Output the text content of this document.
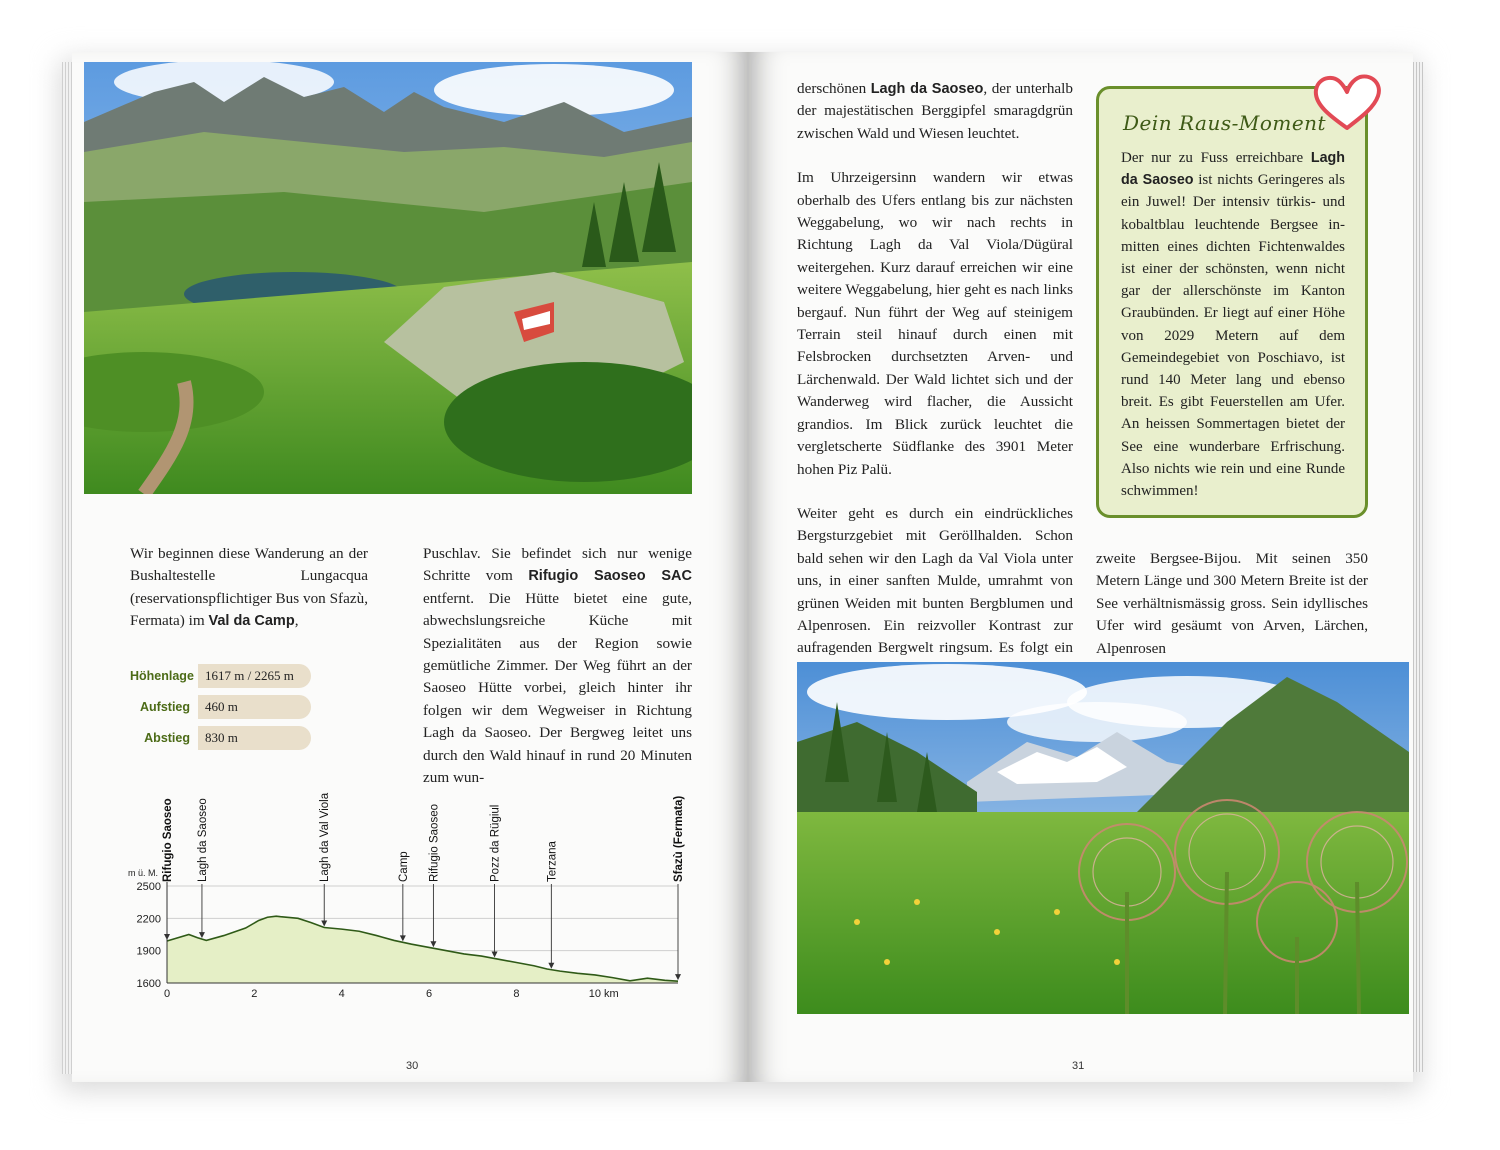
Wir beginnen diese Wanderung an der Bushaltestelle Lungacqua (reservationspflichtiger Bus von Sfazù, Fermata) im Val da Camp,
Puschlav. Sie befindet sich nur wenige Schritte vom Rifugio Saoseo SAC entfernt. Die Hütte bietet eine gute, abwechslungsreiche Küche mit Spezialitäten aus der Region sowie gemütliche Zimmer. Der Weg führt an der Saoseo Hütte vorbei, gleich hinter ihr folgen wir dem Wegweiser in Richtung Lagh da Saoseo. Der Bergweg leitet uns durch den Wald hinauf in rund 20 Minuten zum wun-
Höhenlage 1617 m / 2265 m
Aufstieg	460 m
Abstieg	830 m
2500
2200
1900
1600
m ü. M.
0	2	4	6	8	10 km
Rifugio Saoseo Lagh da Saoseo	Lagh da Val Viola	Camp Rifugio Saoseo	Pozz da Rügiul	Terzana	Sfazù (Fermata)
30

derschönen Lagh da Saoseo, der unterhalb der majestätischen Berggipfel smaragdgrün zwischen Wald und Wiesen leuchtet.

Im Uhrzeigersinn wandern wir etwas oberhalb des Ufers entlang bis zur nächsten Weggabelung, wo wir nach rechts in Richtung Lagh da Val Viola/Dügüral weitergehen. Kurz darauf erreichen wir eine weitere Weggabelung, hier geht es nach links bergauf. Nun führt der Weg auf steinigem Terrain steil hinauf durch einen mit Felsbrocken durchsetzten Arven- und Lärchenwald. Der Wald lichtet sich und der Wanderweg wird flacher, die Aussicht grandios. Im Blick zurück leuchtet die vergletscherte Südflanke des 3901 Meter hohen Piz Palü.

Weiter geht es durch ein eindrückliches Bergsturzgebiet mit Geröllhalden. Schon bald sehen wir den Lagh da Val Viola unter uns, in einer sanften Mulde, umrahmt von grünen Weiden mit bunten Bergblumen und Alpenrosen. Ein reizvoller Kontrast zur aufragenden Bergwelt ringsum. Es folgt ein

zweite Bergsee-Bijou. Mit seinen 350 Metern Länge und 300 Metern Breite ist der See verhältnismässig gross. Sein idyllisches Ufer wird gesäumt von Arven, Lärchen, Alpenrosen
Dein Raus-Moment
Der nur zu Fuss erreichbare Lagh da Saoseo ist nichts Geringeres als ein Juwel! Der intensiv türkis- und kobaltblau leuchtende Bergsee inmitten eines dichten Fichtenwaldes ist einer der schönsten, wenn nicht gar der allerschönste im Kanton Graubünden. Er liegt auf einer Höhe von 2029 Metern auf dem Gemeindegebiet von Poschiavo, ist rund 140 Meter lang und ebenso breit. Es gibt Feuerstellen am Ufer. An heissen Sommertagen bietet der See eine wunderbare Erfrischung. Also nichts wie rein und eine Runde schwimmen!
31
